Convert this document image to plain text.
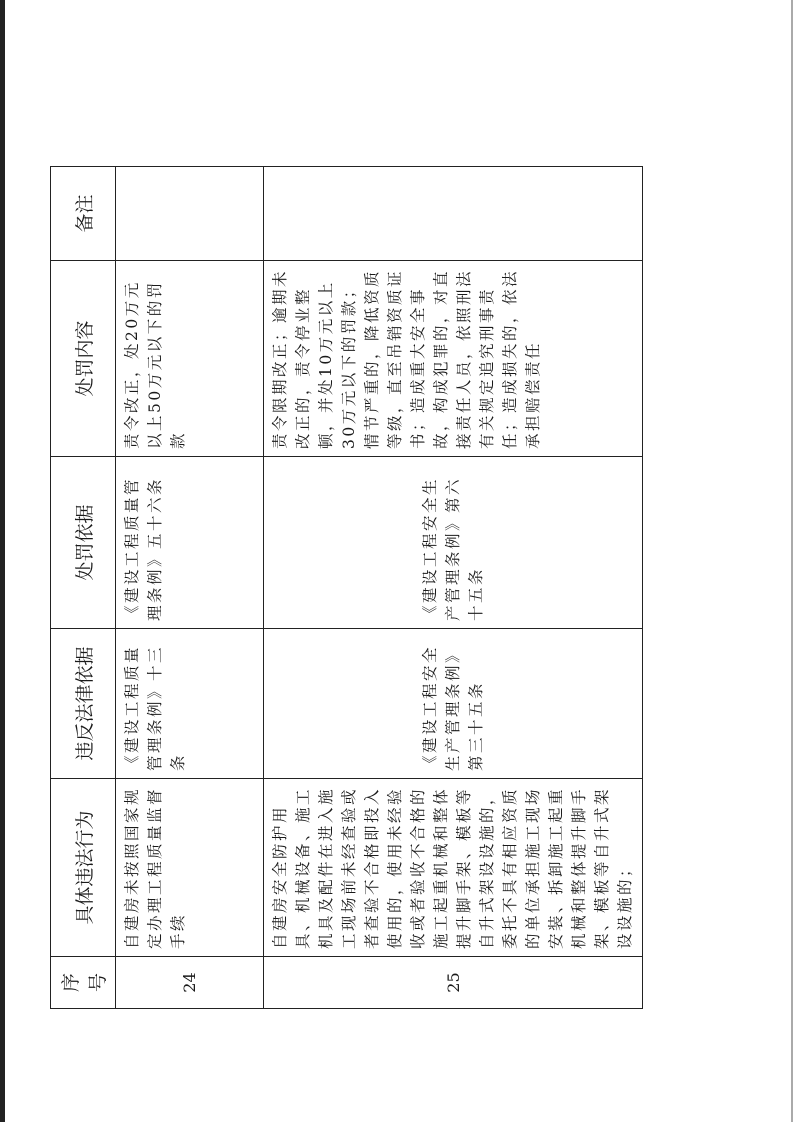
序号	具体违法行为	违反法律依据	处罚依据	处罚内容	备注
24	自建房未按照国家规定办理工程质量监督手续	《建设工程质量管理条例》十三条	《建设工程质量管理条例》五十六条	责令改正，处20万元以上50万元以下的罚款	
25	自建房安全防护用具、机械设备、施工机具及配件在进入施工现场前未经查验或者查验不合格即投入使用的，使用未经验收或者验收不合格的施工起重机械和整体提升脚手架、模板等自升式架设设施的，委托不具有相应资质的单位承担施工现场安装、拆卸施工起重机械和整体提升脚手架、模板等自升式架设设施的；	《建设工程安全生产管理条例》第三十五条	《建设工程安全生产管理条例》第六十五条	责令限期改正；逾期未改正的，责令停业整顿，并处10万元以上30万元以下的罚款；情节严重的，降低资质等级，直至吊销资质证书；造成重大安全事故，构成犯罪的，对直接责任人员，依照刑法有关规定追究刑事责任；造成损失的，依法承担赔偿责任	
